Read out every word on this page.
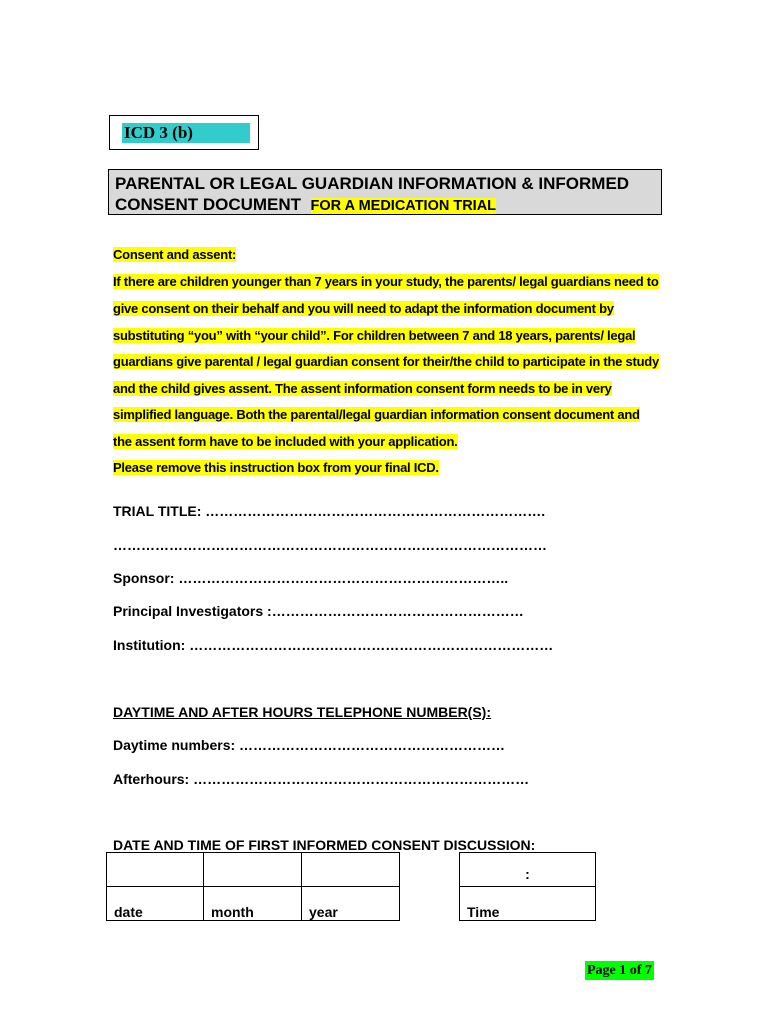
ICD 3 (b)
PARENTAL OR LEGAL GUARDIAN INFORMATION & INFORMED
CONSENT DOCUMENT FOR A MEDICATION TRIAL
Consent and assent:
If there are children younger than 7 years in your study, the parents/ legal guardians need to
give consent on their behalf and you will need to adapt the information document by
substituting “you” with “your child”. For children between 7 and 18 years, parents/ legal
guardians give parental / legal guardian consent for their/the child to participate in the study
and the child gives assent. The assent information consent form needs to be in very
simplified language. Both the parental/legal guardian information consent document and
the assent form have to be included with your application.
Please remove this instruction box from your final ICD.
TRIAL TITLE: ……………………………………………………………….
…………………………………………………………………………………
Sponsor: ……………………………………………………………..
Principal Investigators :………………………………………………
Institution: ……………………………………………………………………
DAYTIME AND AFTER HOURS TELEPHONE NUMBER(S):
Daytime numbers: …………………………………………………
Afterhours: ………………………………………………………………
DATE AND TIME OF FIRST INFORMED CONSENT DISCUSSION:

date	month	year
:
Time
Page 1 of 7
